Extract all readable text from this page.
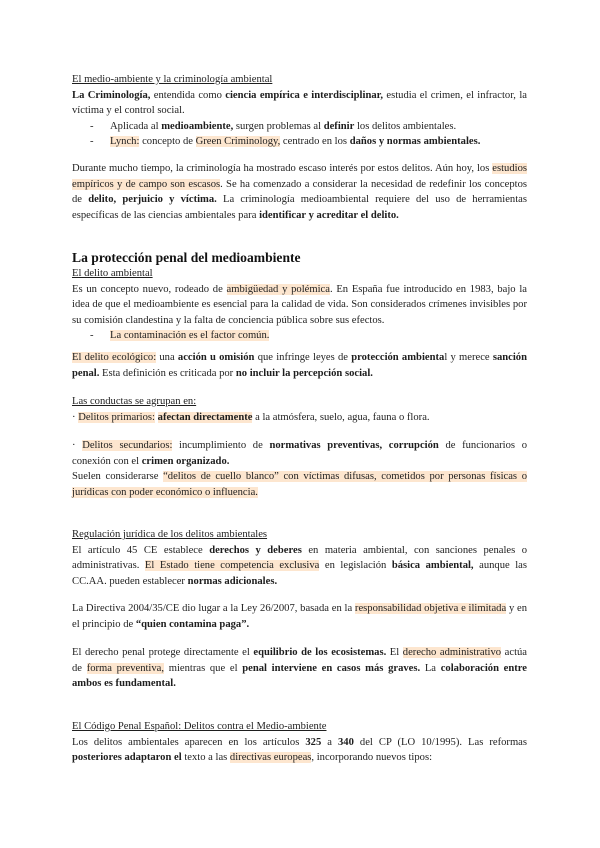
El medio-ambiente y la criminología ambiental

La Criminología, entendida como ciencia empírica e interdisciplinar, estudia el crimen, el infractor, la víctima y el control social.

- Aplicada al medioambiente, surgen problemas al definir los delitos ambientales.

- Lynch: concepto de Green Criminology, centrado en los daños y normas ambientales.

Durante mucho tiempo, la criminología ha mostrado escaso interés por estos delitos. Aún hoy, los estudios empíricos y de campo son escasos. Se ha comenzado a considerar la necesidad de redefinir los conceptos de delito, perjuicio y víctima. La criminología medioambiental requiere del uso de herramientas específicas de las ciencias ambientales para identificar y acreditar el delito.

La protección penal del medioambiente

El delito ambiental

Es un concepto nuevo, rodeado de ambigüedad y polémica. En España fue introducido en 1983, bajo la idea de que el medioambiente es esencial para la calidad de vida. Son considerados crímenes invisibles por su comisión clandestina y la falta de conciencia pública sobre sus efectos.

- La contaminación es el factor común.

El delito ecológico: una acción u omisión que infringe leyes de protección ambiental y merece sanción penal. Esta definición es criticada por no incluir la percepción social.

Las conductas se agrupan en:

· Delitos primarios: afectan directamente a la atmósfera, suelo, agua, fauna o flora.

· Delitos secundarios: incumplimiento de normativas preventivas, corrupción de funcionarios o conexión con el crimen organizado.

Suelen considerarse “delitos de cuello blanco” con víctimas difusas, cometidos por personas físicas o jurídicas con poder económico o influencia.

Regulación jurídica de los delitos ambientales

El artículo 45 CE establece derechos y deberes en materia ambiental, con sanciones penales o administrativas. El Estado tiene competencia exclusiva en legislación básica ambiental, aunque las CC.AA. pueden establecer normas adicionales.

La Directiva 2004/35/CE dio lugar a la Ley 26/2007, basada en la responsabilidad objetiva e ilimitada y en el principio de “quien contamina paga”.
El derecho penal protege directamente el equilibrio de los ecosistemas. El derecho administrativo actúa de forma preventiva, mientras que el penal interviene en casos más graves. La colaboración entre ambos es fundamental.

El Código Penal Español: Delitos contra el Medio-ambiente

Los delitos ambientales aparecen en los artículos 325 a 340 del CP (LO 10/1995). Las reformas posteriores adaptaron el texto a las directivas europeas, incorporando nuevos tipos:
